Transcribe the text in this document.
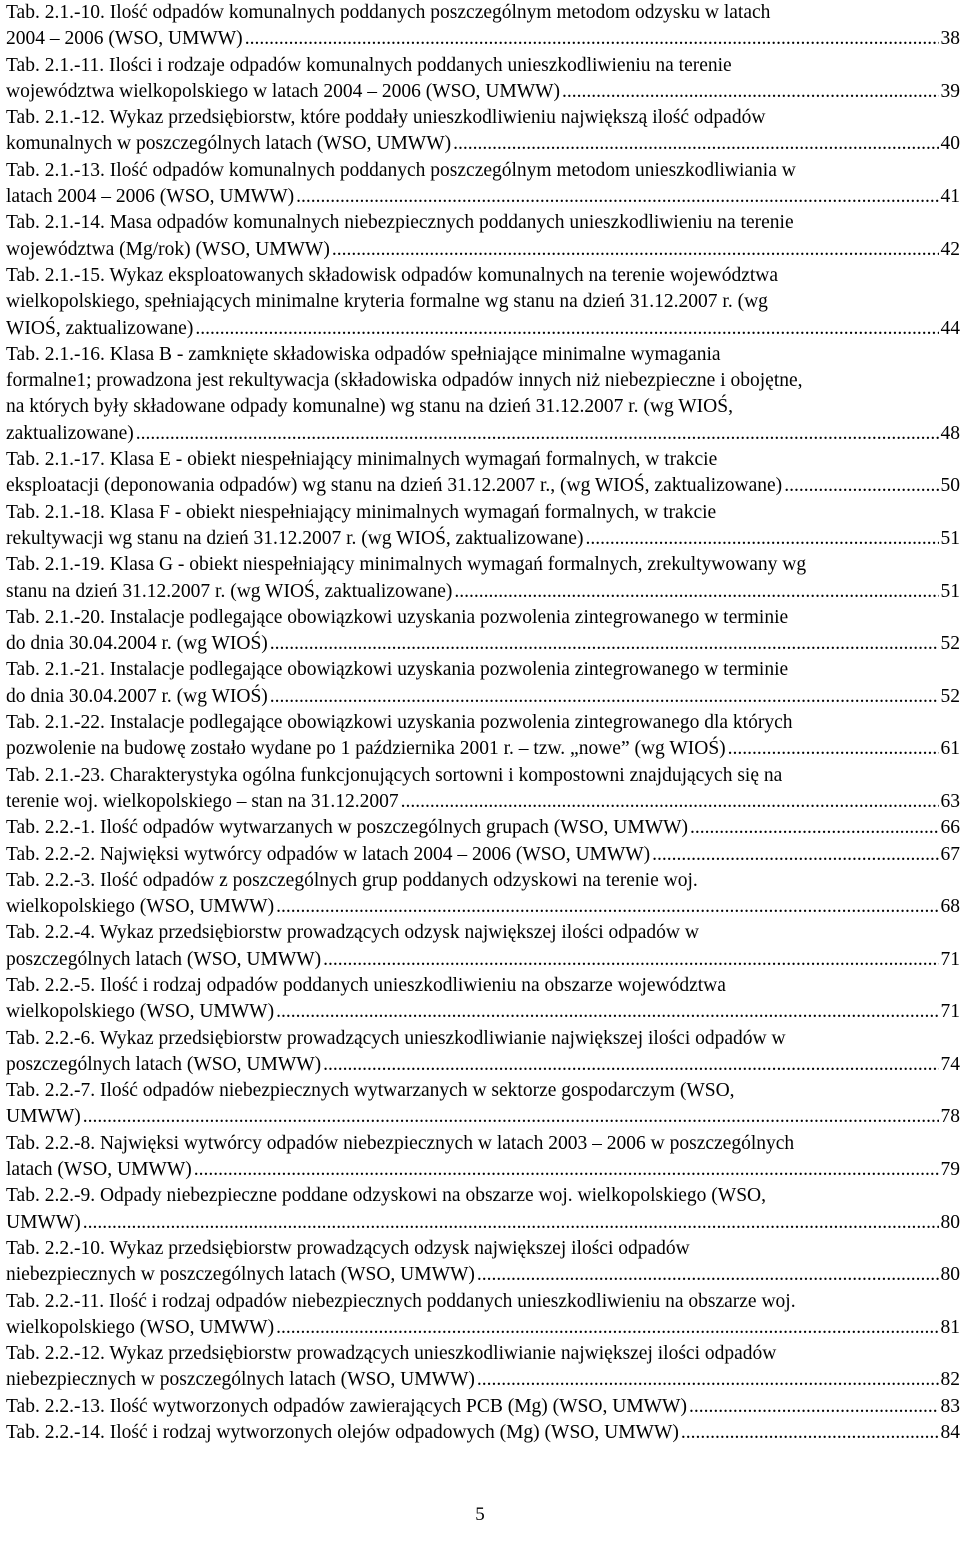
Tab. 2.1.-10. Ilość odpadów komunalnych poddanych poszczególnym metodom odzysku w latach
2004 – 2006 (WSO, UMWW) .....	38
Tab. 2.1.-11. Ilości i rodzaje odpadów komunalnych poddanych unieszkodliwieniu na terenie
województwa wielkopolskiego w latach 2004 – 2006 (WSO, UMWW) .....	39
Tab. 2.1.-12. Wykaz przedsiębiorstw, które poddały unieszkodliwieniu największą ilość odpadów
komunalnych w poszczególnych latach (WSO, UMWW) .....	40
Tab. 2.1.-13. Ilość odpadów komunalnych poddanych poszczególnym metodom unieszkodliwiania w
latach 2004 – 2006 (WSO, UMWW) .....	41
Tab. 2.1.-14. Masa odpadów komunalnych niebezpiecznych poddanych unieszkodliwieniu na terenie
województwa (Mg/rok) (WSO, UMWW) .....	42
Tab. 2.1.-15. Wykaz eksploatowanych składowisk odpadów komunalnych na terenie województwa
wielkopolskiego, spełniających minimalne kryteria formalne wg stanu na dzień 31.12.2007 r. (wg
WIOŚ, zaktualizowane) .....	44
Tab. 2.1.-16. Klasa B - zamknięte składowiska odpadów spełniające minimalne wymagania
formalne1; prowadzona jest rekultywacja (składowiska odpadów innych niż niebezpieczne i obojętne,
na których były składowane odpady komunalne) wg stanu na dzień 31.12.2007 r. (wg WIOŚ,
zaktualizowane) .....	48
Tab. 2.1.-17. Klasa E - obiekt niespełniający minimalnych wymagań formalnych, w trakcie
eksploatacji (deponowania odpadów) wg stanu na dzień 31.12.2007 r., (wg WIOŚ, zaktualizowane) .....	50
Tab. 2.1.-18. Klasa F - obiekt niespełniający minimalnych wymagań formalnych, w trakcie
rekultywacji wg stanu na dzień 31.12.2007 r. (wg WIOŚ, zaktualizowane) .....	51
Tab. 2.1.-19. Klasa G - obiekt niespełniający minimalnych wymagań formalnych, zrekultywowany wg
stanu na dzień 31.12.2007 r. (wg WIOŚ, zaktualizowane) .....	51
Tab. 2.1.-20. Instalacje podlegające obowiązkowi uzyskania pozwolenia zintegrowanego w terminie
do dnia 30.04.2004 r. (wg WIOŚ) .....	52
Tab. 2.1.-21. Instalacje podlegające obowiązkowi uzyskania pozwolenia zintegrowanego w terminie
do dnia 30.04.2007 r. (wg WIOŚ) .....	52
Tab. 2.1.-22. Instalacje podlegające obowiązkowi uzyskania pozwolenia zintegrowanego dla których
pozwolenie na budowę zostało wydane po 1 października 2001 r. – tzw. „nowe” (wg WIOŚ) .....	61
Tab. 2.1.-23. Charakterystyka ogólna funkcjonujących sortowni i kompostowni znajdujących się na
terenie woj. wielkopolskiego – stan na 31.12.2007 .....	63
Tab. 2.2.-1. Ilość odpadów wytwarzanych w poszczególnych grupach (WSO, UMWW) .....	66
Tab. 2.2.-2. Najwięksi wytwórcy odpadów w latach 2004 – 2006 (WSO, UMWW) .....	67
Tab. 2.2.-3. Ilość odpadów z poszczególnych grup poddanych odzyskowi na terenie woj.
wielkopolskiego (WSO, UMWW) .....	68
Tab. 2.2.-4. Wykaz przedsiębiorstw prowadzących odzysk największej ilości odpadów w
poszczególnych latach (WSO, UMWW) .....	71
Tab. 2.2.-5. Ilość i rodzaj odpadów poddanych unieszkodliwieniu na obszarze województwa
wielkopolskiego (WSO, UMWW) .....	71
Tab. 2.2.-6. Wykaz przedsiębiorstw prowadzących unieszkodliwianie największej ilości odpadów w
poszczególnych latach (WSO, UMWW) .....	74
Tab. 2.2.-7. Ilość odpadów niebezpiecznych wytwarzanych w sektorze gospodarczym (WSO,
UMWW) .....	78
Tab. 2.2.-8. Najwięksi wytwórcy odpadów niebezpiecznych w latach 2003 – 2006 w poszczególnych
latach (WSO, UMWW) .....	79
Tab. 2.2.-9. Odpady niebezpieczne poddane odzyskowi na obszarze woj. wielkopolskiego (WSO,
UMWW) .....	80
Tab. 2.2.-10. Wykaz przedsiębiorstw prowadzących odzysk największej ilości odpadów
niebezpiecznych w poszczególnych latach (WSO, UMWW) .....	80
Tab. 2.2.-11. Ilość i rodzaj odpadów niebezpiecznych poddanych unieszkodliwieniu na obszarze woj.
wielkopolskiego (WSO, UMWW) .....	81
Tab. 2.2.-12. Wykaz przedsiębiorstw prowadzących unieszkodliwianie największej ilości odpadów
niebezpiecznych w poszczególnych latach (WSO, UMWW) .....	82
Tab. 2.2.-13. Ilość wytworzonych odpadów zawierających PCB (Mg) (WSO, UMWW) .....	83
Tab. 2.2.-14. Ilość i rodzaj wytworzonych olejów odpadowych (Mg) (WSO, UMWW) .....	84
5
